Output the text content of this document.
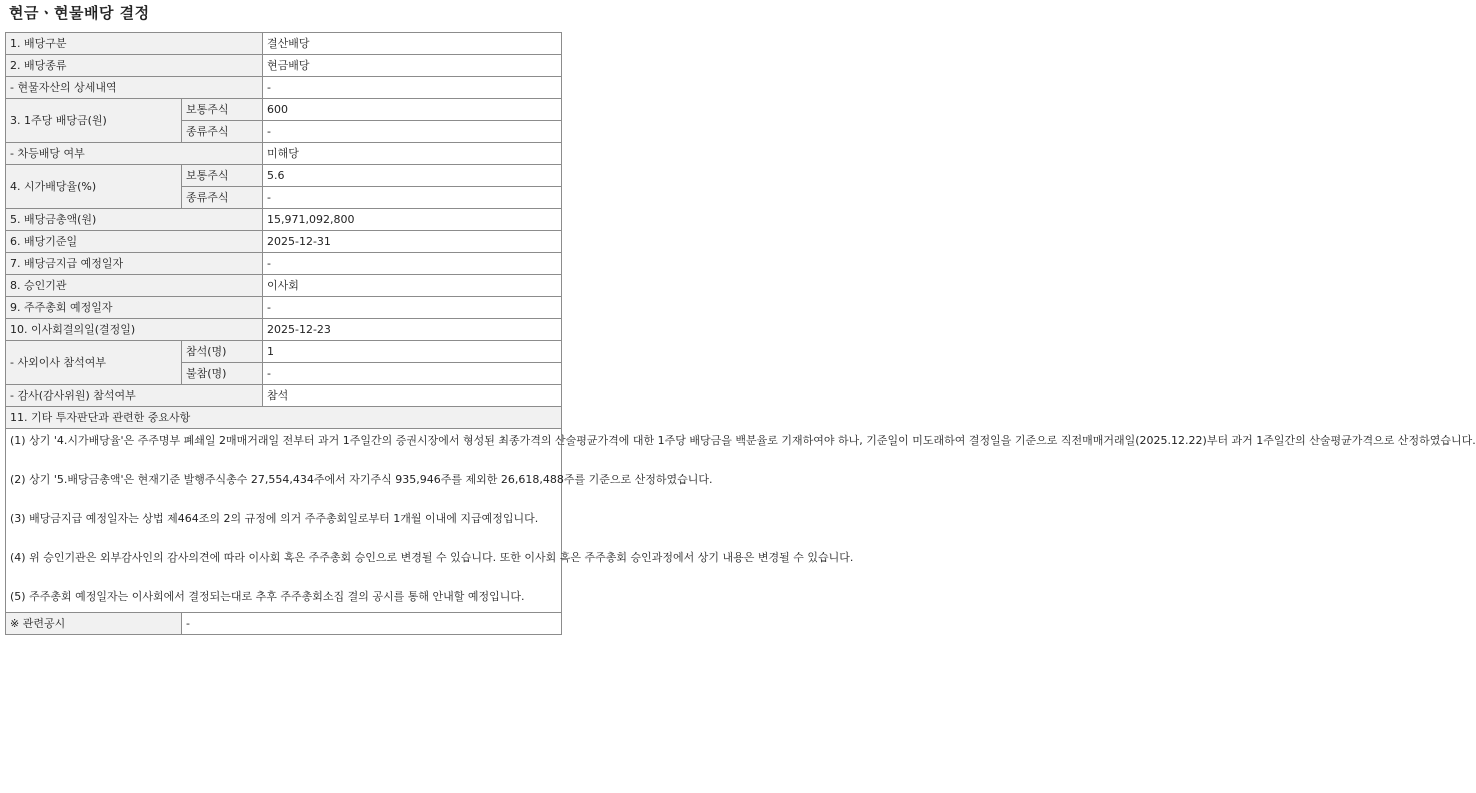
현금ㆍ현물배당 결정
1. 배당구분		결산배당
2. 배당종류		현금배당
- 현물자산의 상세내역		-
3. 1주당 배당금(원)	보통주식	600
	종류주식	-
- 차등배당 여부		미해당
4. 시가배당율(%)	보통주식	5.6
	종류주식	-
5. 배당금총액(원)		15,971,092,800
6. 배당기준일		2025-12-31
7. 배당금지급 예정일자		-
8. 승인기관		이사회
9. 주주총회 예정일자		-
10. 이사회결의일(결정일)		2025-12-23
- 사외이사 참석여부	참석(명)	1
	불참(명)	-
- 감사(감사위원) 참석여부		참석
11. 기타 투자판단과 관련한 중요사항		

(1) 상기 '4.시가배당율'은 주주명부 폐쇄일 2매매거래일 전부터 과거 1주일간의 증권시장에서 형성된 최종가격의 산술평균가격에 대한 1주당 배당금을 백분율로 기재하여야 하나, 기준일이 미도래하여 결정일을 기준으로 직전매매거래일(2025.12.22)부터 과거 1주일간의 산술평균가격으로 산정하였습니다.

(2) 상기 '5.배당금총액'은 현재기준 발행주식총수 27,554,434주에서 자기주식 935,946주를 제외한 26,618,488주를 기준으로 산정하였습니다.

(3) 배당금지급 예정일자는 상법 제464조의 2의 규정에 의거 주주총회일로부터 1개월 이내에 지급예정입니다.

(4) 위 승인기관은 외부감사인의 감사의견에 따라 이사회 혹은 주주총회 승인으로 변경될 수 있습니다. 또한 이사회 혹은 주주총회 승인과정에서 상기 내용은 변경될 수 있습니다.

(5) 주주총회 예정일자는 이사회에서 결정되는대로 추후 주주총회소집 결의 공시를 통해 안내할 예정입니다.		

※ 관련공시	-	
